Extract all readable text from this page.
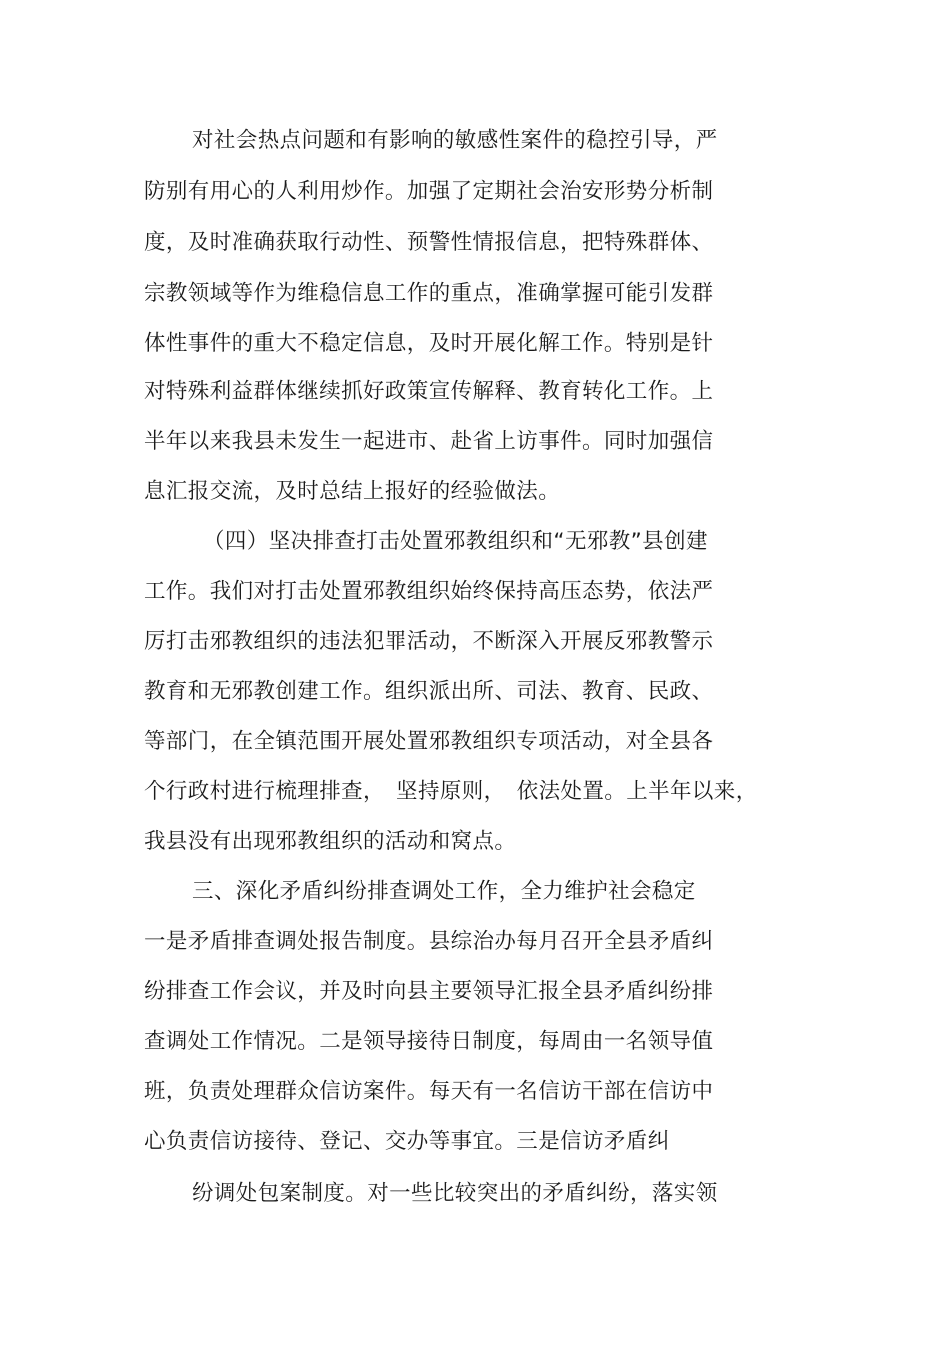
对社会热点问题和有影响的敏感性案件的稳控引导，严
防别有用心的人利用炒作。加强了定期社会治安形势分析制
度，及时准确获取行动性、预警性情报信息，把特殊群体、
宗教领域等作为维稳信息工作的重点，准确掌握可能引发群
体性事件的重大不稳定信息，及时开展化解工作。特别是针
对特殊利益群体继续抓好政策宣传解释、教育转化工作。上
半年以来我县未发生一起进市、赴省上访事件。同时加强信
息汇报交流，及时总结上报好的经验做法。
（四）坚决排查打击处置邪教组织和“无邪教”县创建
工作。我们对打击处置邪教组织始终保持高压态势，依法严
厉打击邪教组织的违法犯罪活动，不断深入开展反邪教警示
教育和无邪教创建工作。组织派出所、司法、教育、民政、
等部门，在全镇范围开展处置邪教组织专项活动，对全县各
个行政村进行梳理排查，　坚持原则，　依法处置。上半年以来，
我县没有出现邪教组织的活动和窝点。
三、深化矛盾纠纷排查调处工作，全力维护社会稳定
一是矛盾排查调处报告制度。县综治办每月召开全县矛盾纠
纷排查工作会议，并及时向县主要领导汇报全县矛盾纠纷排
查调处工作情况。二是领导接待日制度，每周由一名领导值
班，负责处理群众信访案件。每天有一名信访干部在信访中
心负责信访接待、登记、交办等事宜。三是信访矛盾纠
纷调处包案制度。对一些比较突出的矛盾纠纷，落实领
